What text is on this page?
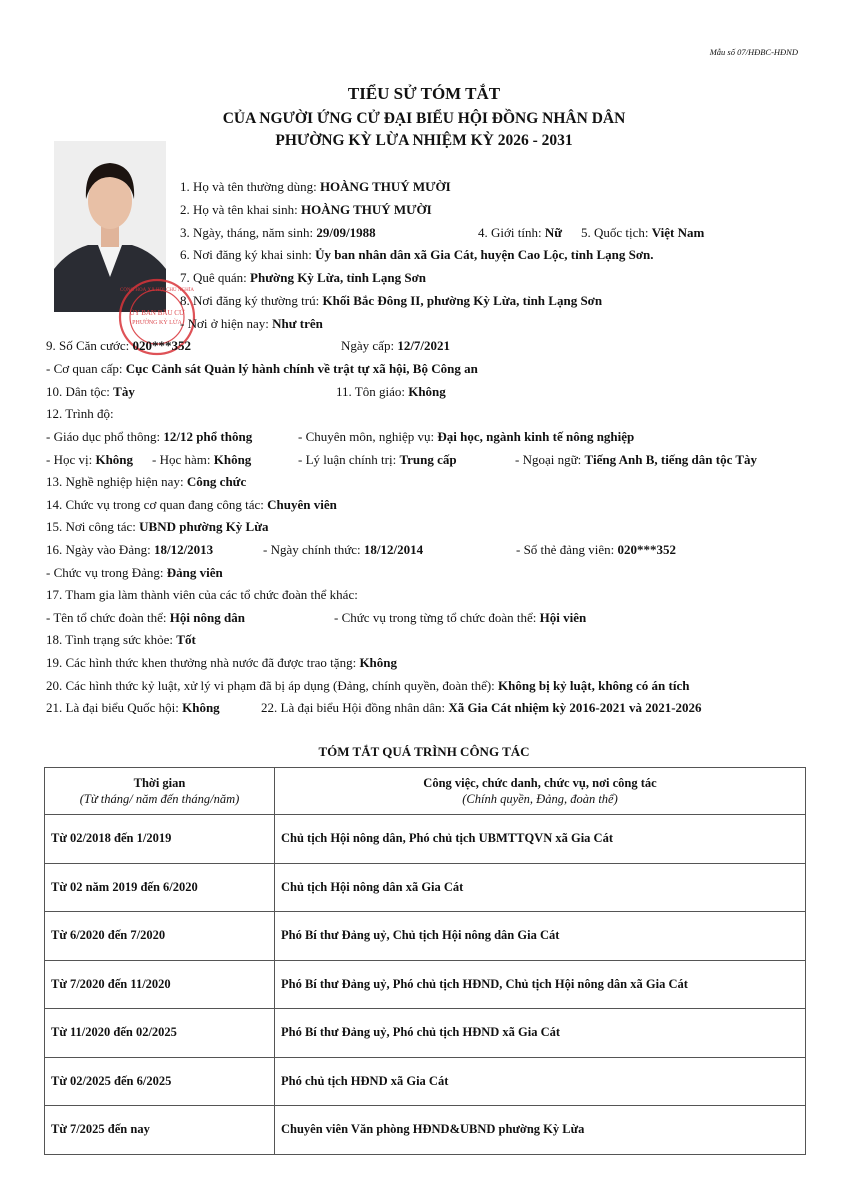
Mẫu số 07/HĐBC-HĐND
TIỂU SỬ TÓM TẮT
CỦA NGƯỜI ỨNG CỬ ĐẠI BIỂU HỘI ĐỒNG NHÂN DÂN
PHƯỜNG KỲ LỪA NHIỆM KỲ 2026 - 2031
ỦY BAN BẦU CỬ
PHƯỜNG KỲ LỪA
CỘNG HOÀ XÃ HỘI CHỦ NGHĨA
1. Họ và tên thường dùng: HOÀNG THUÝ MƯỜI
2. Họ và tên khai sinh: HOÀNG THUÝ MƯỜI
3. Ngày, tháng, năm sinh: 29/09/1988	4. Giới tính: Nữ 5. Quốc tịch: Việt Nam
6. Nơi đăng ký khai sinh: Ủy ban nhân dân xã Gia Cát, huyện Cao Lộc, tỉnh Lạng Sơn.
7. Quê quán: Phường Kỳ Lừa, tỉnh Lạng Sơn
8. Nơi đăng ký thường trú: Khối Bắc Đông II, phường Kỳ Lừa, tỉnh Lạng Sơn
- Nơi ở hiện nay: Như trên
9. Số Căn cước: 020***352	Ngày cấp: 12/7/2021
- Cơ quan cấp: Cục Cảnh sát Quản lý hành chính về trật tự xã hội, Bộ Công an
10. Dân tộc: Tày	11. Tôn giáo: Không
12. Trình độ:
- Giáo dục phổ thông: 12/12 phổ thông	- Chuyên môn, nghiệp vụ: Đại học, ngành kinh tế nông nghiệp
- Học vị: Không - Học hàm: Không	- Lý luận chính trị: Trung cấp	- Ngoại ngữ: Tiếng Anh B, tiếng dân tộc Tày
13. Nghề nghiệp hiện nay: Công chức
14. Chức vụ trong cơ quan đang công tác: Chuyên viên
15. Nơi công tác: UBND phường Kỳ Lừa
16. Ngày vào Đảng: 18/12/2013	- Ngày chính thức: 18/12/2014	- Số thẻ đảng viên: 020***352
- Chức vụ trong Đảng: Đảng viên
17. Tham gia làm thành viên của các tổ chức đoàn thể khác:
- Tên tổ chức đoàn thể: Hội nông dân	- Chức vụ trong từng tổ chức đoàn thể: Hội viên
18. Tình trạng sức khỏe: Tốt
19. Các hình thức khen thưởng nhà nước đã được trao tặng: Không
20. Các hình thức kỷ luật, xử lý vi phạm đã bị áp dụng (Đảng, chính quyền, đoàn thể): Không bị kỷ luật, không có án tích
21. Là đại biểu Quốc hội: Không	22. Là đại biểu Hội đồng nhân dân: Xã Gia Cát nhiệm kỳ 2016-2021 và 2021-2026
TÓM TẮT QUÁ TRÌNH CÔNG TÁC
Thời gian
(Từ tháng/ năm đến tháng/năm)	Công việc, chức danh, chức vụ, nơi công tác
(Chính quyền, Đảng, đoàn thể)
Từ 02/2018 đến 1/2019	Chủ tịch Hội nông dân, Phó chủ tịch UBMTTQVN xã Gia Cát
Từ 02 năm 2019 đến 6/2020	Chủ tịch Hội nông dân xã Gia Cát
Từ 6/2020 đến 7/2020	Phó Bí thư Đảng uỷ, Chủ tịch Hội nông dân Gia Cát
Từ 7/2020 đến 11/2020	Phó Bí thư Đảng uỷ, Phó chủ tịch HĐND, Chủ tịch Hội nông dân xã Gia Cát
Từ 11/2020 đến 02/2025	Phó Bí thư Đảng uỷ, Phó chủ tịch HĐND xã Gia Cát
Từ 02/2025 đến 6/2025	Phó chủ tịch HĐND xã Gia Cát
Từ 7/2025 đến nay	Chuyên viên Văn phòng HĐND&UBND phường Kỳ Lừa
